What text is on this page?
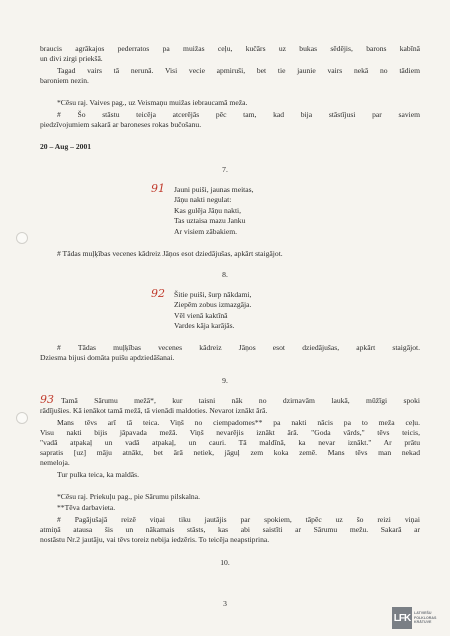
braucis agrākajos pederratos pa muižas ceļu, kučārs uz bukas sēdējis, barons kabīnā
un divi zirgi priekšā.
Tagad vairs tā nerunā. Visi vecie apmiruši, bet tie jaunie vairs nekā no tādiem
baroniem nezin.
*Cēsu raj. Vaives pag., uz Veismaņu muižas iebraucamā meža.
# Šo stāstu teicēja atcerējās pēc tam, kad bija stāstījusi par saviem
piedzīvojumiem sakarā ar baroneses rokas bučošanu.
20 – Aug – 2001
7.
91 Jauni puiši, jaunas meitas,
Jāņu nakti negulat:
Kas gulēja Jāņu nakti,
Tas uztaisa mazu Janku
Ar visiem zābakiem.
# Tādas muļķības vecenes kādreiz Jāņos esot dziedājušas, apkārt staigājot.
8.
92 Šitie puiši, šurp nākdami,
Ziepēm zobus izmazgāja.
Vēl vienā kaktīnā
Vardes kāja karājās.
# Tādas muļķības vecenes kādreiz Jāņos esot dziedājušas, apkārt staigājot.
Dziesma bijusi domāta puišu apdziedāšanai.
9.
93 Tamā Sārumu mežā*, kur taisni nāk no dzirnavām laukā, mūžīgi spoki
rādījušies. Kā ienākot tamā mežā, tā vienādi maldoties. Nevarot iznākt ārā.
Mans tēvs arī tā teica. Viņš no ciempadomes** pa nakti nācis pa to meža ceļu.
Visu nakti bijis jāpavada mežā. Viņš nevarējis iznākt ārā. "Goda vārds," tēvs teicis,
"vadā atpakaļ un vadā atpakaļ, un cauri. Tā maldīnā, ka nevar iznākt." Ar prātu
sapratis [uz] māju atnākt, bet ārā netiek, jāguļ zem koka zemē. Mans tēvs man nekad
nemeloja.
Tur pulka teica, ka maldās.
*Cēsu raj. Priekuļu pag., pie Sārumu pilskalna.
**Tēva darbavieta.
# Pagājušajā reizē viņai tiku jautājis par spokiem, tāpēc uz šo reizi viņai
atmiņā atausa šis un nākamais stāsts, kas abi saistīti ar Sārumu mežu. Sakarā ar
nostāstu Nr.2 jautāju, vai tēvs toreiz nebija iedzēris. To teicēja neapstiprina.
10.
3
LFK	LATVIEŠU
FOLKLORAS
KRĀTUVE
